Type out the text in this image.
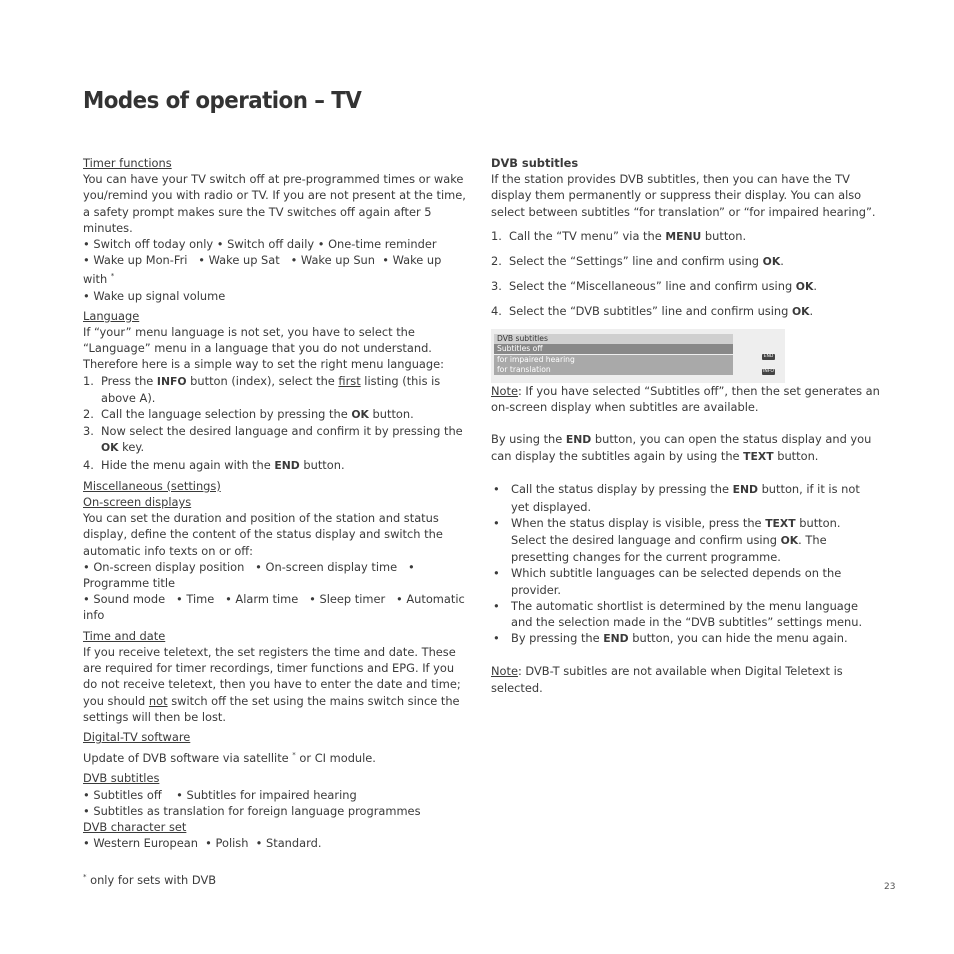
Modes of operation – TV
Timer functions

You can have your TV switch off at pre-programmed times or wake you/remind you with radio or TV. If you are not present at the time, a safety prompt makes sure the TV switches off again after 5 minutes.

• Switch off today only • Switch off daily • One-time reminder
• Wake up Mon-Fri   • Wake up Sat   • Wake up Sun  • Wake up with *
• Wake up signal volume
Language

If “your” menu language is not set, you have to select the “Language” menu in a language that you do not understand. Therefore here is a simple way to set the right menu language:

1. Press the INFO button (index), select the first listing (this is above A).
2. Call the language selection by pressing the OK button.
3. Now select the desired language and confirm it by pressing the OK key.
4. Hide the menu again with the END button.
Miscellaneous (settings)
On-screen displays

You can set the duration and position of the station and status display, define the content of the status display and switch the automatic info texts on or off:

• On-screen display position   • On-screen display time   • Programme title
• Sound mode   • Time   • Alarm time   • Sleep timer   • Automatic info
Time and date

If you receive teletext, the set registers the time and date. These are required for timer recordings, timer functions and EPG. If you do not receive teletext, then you have to enter the date and time; you should not switch off the set using the mains switch since the settings will then be lost.

Digital-TV software

Update of DVB software via satellite * or CI module.

DVB subtitles
• Subtitles off    • Subtitles for impaired hearing
• Subtitles as translation for foreign language programmes
DVB character set
• Western European  • Polish  • Standard.
DVB subtitles

If the station provides DVB subtitles, then you can have the TV display them permanently or suppress their display. You can also select between subtitles “for translation” or “for impaired hearing”.

1. Call the “TV menu” via the MENU button.
2. Select the “Settings” line and confirm using OK.
3. Select the “Miscellaneous” line and confirm using OK.
4. Select the “DVB subtitles” line and confirm using OK.
DVB subtitles
Subtitles off
for impaired hearing
for translation
END
INFO

Note: If you have selected “Subtitles off”, then the set generates an on-screen display when subtitles are available.

By using the END button, you can open the status display and you can display the subtitles again by using the TEXT button.

• Call the status display by pressing the END button, if it is not yet displayed.
• When the status display is visible, press the TEXT button.
Select the desired language and confirm using OK. The presetting changes for the current programme.
• Which subtitle languages can be selected depends on the provider.
• The automatic shortlist is determined by the menu language and the selection made in the “DVB subtitles” settings menu.
• By pressing the END button, you can hide the menu again.

Note: DVB-T subitles are not available when Digital Teletext is selected.

* only for sets with DVB	23
